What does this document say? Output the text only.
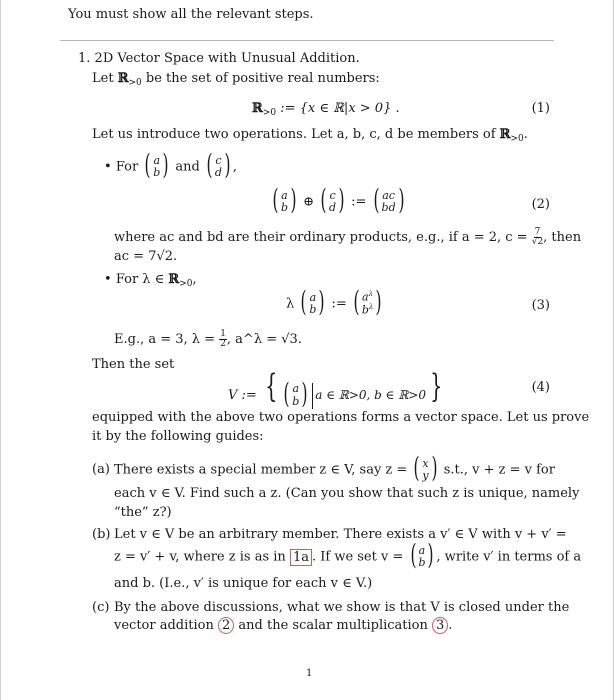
You must show all the relevant steps.
1. 2D Vector Space with Unusual Addition.
Let ℝ$_{>0}$ be the set of positive real numbers:
ℝ$_{>0}$ := {x ∈ ℝ|x > 0} .	(1)
Let us introduce two operations. Let a, b, c, d be members of ℝ$_{>0}$.
• For ( a
b ) and ( c
d ) ,
( a
b ) ⊕ ( c
d ) := ( ac
bd )	(2)
where ac and bd are their ordinary products, e.g., if a = 2, $c = \frac{7}{√2}$ , then
ac = 7√2.
• For λ ∈ ℝ$_{>0}$,
λ ( a
b ) := ( $a^\lambda$
$b^\lambda$ )	(3)
E.g., a = 3, $\lambda = \frac{1}{2}$ , a^λ = √3.
Then the set
V := { ( a
b ) a ∈ ℝ>0, b ∈ ℝ>0 }	(4)
equipped with the above two operations forms a vector space. Let us prove
it by the following guides:
(a) There exists a special member z ∈ V, say z = ( x
y ) s.t., v + z = v for
each v ∈ V. Find such a z. (Can you show that such z is unique, namely
“the” z?)
(b) Let v ∈ V be an arbitrary member. There exists a v′ ∈ V with v + v′ =
z = v′ + v, where z is as in 1a . If we set v = ( a
b ) , write v′ in terms of a
and b. (I.e., v′ is unique for each v ∈ V.)
(c) By the above discussions, what we show is that V is closed under the
vector addition 2 and the scalar multiplication 3 .
1
